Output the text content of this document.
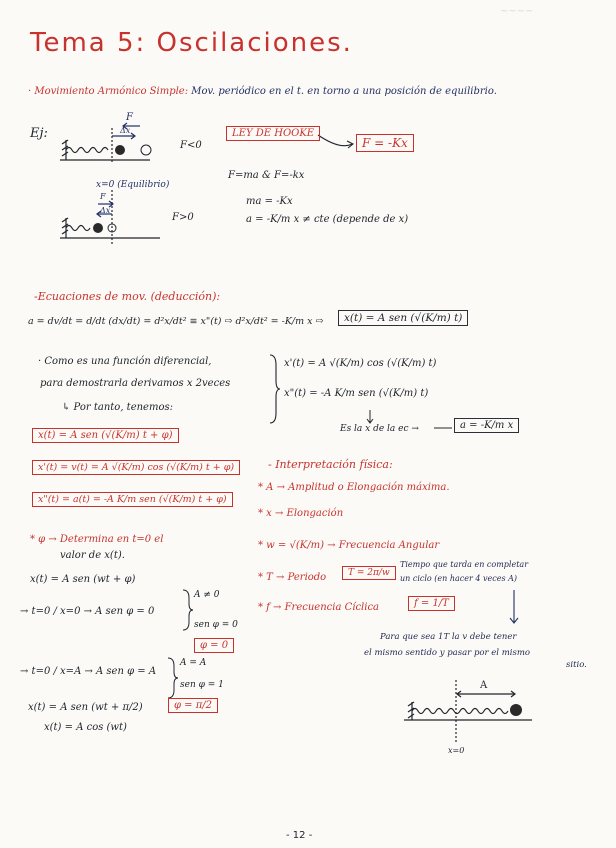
~~~~
Tema 5: Oscilaciones.
· Movimiento Armónico Simple: Mov. periódico en el t. en torno a una posición de equilibrio.
Ej:
F
Δx
F<0
x=0 (Equilibrio)
F
Δx
F>0
LEY DE HOOKE
F = -Kx
F=ma & F=-kx
ma = -Kx
a = -K/m x ≠ cte (depende de x)
-Ecuaciones de mov. (deducción):
a = dv/dt = d/dt (dx/dt) = d²x/dt² ≡ x"(t) ⇨ d²x/dt² = -K/m x ⇨	x(t) = A sen (√(K/m) t)
· Como es una función diferencial,
para demostrarla derivamos x 2veces
↳ Por tanto, tenemos:
x'(t) = A √(K/m) cos (√(K/m) t)
x"(t) = -A K/m sen (√(K/m) t)
Es la x de la ec →	a = -K/m x
x(t) = A sen (√(K/m) t + φ)
x'(t) = v(t) = A √(K/m) cos (√(K/m) t + φ)
x"(t) = a(t) = -A K/m sen (√(K/m) t + φ)
- Interpretación física:
* A → Amplitud o Elongación máxima.
* x → Elongación
* w = √(K/m) → Frecuencia Angular
* T → Periodo	T = 2π/w
Tiempo que tarda en completar
un ciclo (en hacer 4 veces A)
* f → Frecuencia Cíclica	f = 1/T
Para que sea 1T la v debe tener
el mismo sentido y pasar por el mismo
sitio.
* φ → Determina en t=0 el
valor de x(t).
x(t) = A sen (wt + φ)
→ t=0 / x=0 → A sen φ = 0
A ≠ 0
sen φ = 0
φ = 0
→ t=0 / x=A → A sen φ = A
A = A
sen φ = 1
x(t) = A sen (wt + π/2)	φ = π/2
x(t) = A cos (wt)
A
x=0
- 12 -
